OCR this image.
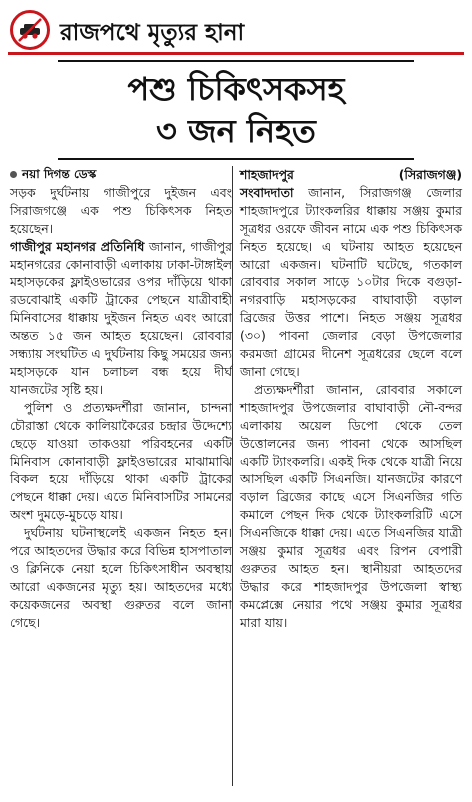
রাজপথে মৃত্যুর হানা
পশু চিকিৎসকসহ
৩ জন নিহত
নয়া দিগন্ত ডেস্ক

সড়ক দুর্ঘটনায় গাজীপুরে দুইজন এবং সিরাজগঞ্জে এক পশু চিকিৎসক নিহত হয়েছেন।

গাজীপুর মহানগর প্রতিনিধি জানান, গাজীপুর মহানগরের কোনাবাড়ী এলাকায় ঢাকা-টাঙ্গাইল মহাসড়কের ফ্লাইওভারের ওপর দাঁড়িয়ে থাকা রডবোঝাই একটি ট্রাকের পেছনে যাত্রীবাহী মিনিবাসের ধাক্কায় দুইজন নিহত এবং আরো অন্তত ১৫ জন আহত হয়েছেন। রোববার সন্ধ্যায় সংঘটিত এ দুর্ঘটনায় কিছু সময়ের জন্য মহাসড়কে যান চলাচল বন্ধ হয়ে দীর্ঘ যানজটের সৃষ্টি হয়।

পুলিশ ও প্রত্যক্ষদর্শীরা জানান, চান্দনা চৌরাস্তা থেকে কালিয়াকৈরের চন্দ্রার উদ্দেশ্যে ছেড়ে যাওয়া তাকওয়া পরিবহনের একটি মিনিবাস কোনাবাড়ী ফ্লাইওভারের মাঝামাঝি বিকল হয়ে দাঁড়িয়ে থাকা একটি ট্রাকের পেছনে ধাক্কা দেয়। এতে মিনিবাসটির সামনের অংশ দুমড়ে-মুচড়ে যায়।

দুর্ঘটনায় ঘটনাস্থলেই একজন নিহত হন। পরে আহতদের উদ্ধার করে বিভিন্ন হাসপাতাল ও ক্লিনিকে নেয়া হলে চিকিৎসাধীন অবস্থায় আরো একজনের মৃত্যু হয়। আহতদের মধ্যে কয়েকজনের অবস্থা গুরুতর বলে জানা গেছে।

শাহজাদপুর	(সিরাজগঞ্জ)

সংবাদদাতা জানান, সিরাজগঞ্জ জেলার শাহজাদপুরে ট্যাংকলরির ধাক্কায় সঞ্জয় কুমার সূত্রধর ওরফে জীবন নামে এক পশু চিকিৎসক নিহত হয়েছে। এ ঘটনায় আহত হয়েছেন আরো একজন। ঘটনাটি ঘটেছে, গতকাল রোববার সকাল সাড়ে ১০টার দিকে বগুড়া-নগরবাড়ি মহাসড়কের বাঘাবাড়ী বড়াল ব্রিজের উত্তর পাশে। নিহত সঞ্জয় সূত্রধর (৩০) পাবনা জেলার বেড়া উপজেলার করমজা গ্রামের দীনেশ সূত্রধরের ছেলে বলে জানা গেছে।

প্রত্যক্ষদর্শীরা জানান, রোববার সকালে শাহজাদপুর উপজেলার বাঘাবাড়ী নৌ-বন্দর এলাকায় অয়েল ডিপো থেকে তেল উত্তোলনের জন্য পাবনা থেকে আসছিল একটি ট্যাংকলরি। একই দিক থেকে যাত্রী নিয়ে আসছিল একটি সিএনজি। যানজটের কারণে বড়াল ব্রিজের কাছে এসে সিএনজির গতি কমালে পেছন দিক থেকে ট্যাংকলরিটি এসে সিএনজিকে ধাক্কা দেয়। এতে সিএনজির যাত্রী সঞ্জয় কুমার সূত্রধর এবং রিপন বেপারী গুরুতর আহত হন। স্থানীয়রা আহতদের উদ্ধার করে শাহজাদপুর উপজেলা স্বাস্থ্য কমপ্লেক্সে নেয়ার পথে সঞ্জয় কুমার সূত্রধর মারা যায়।
